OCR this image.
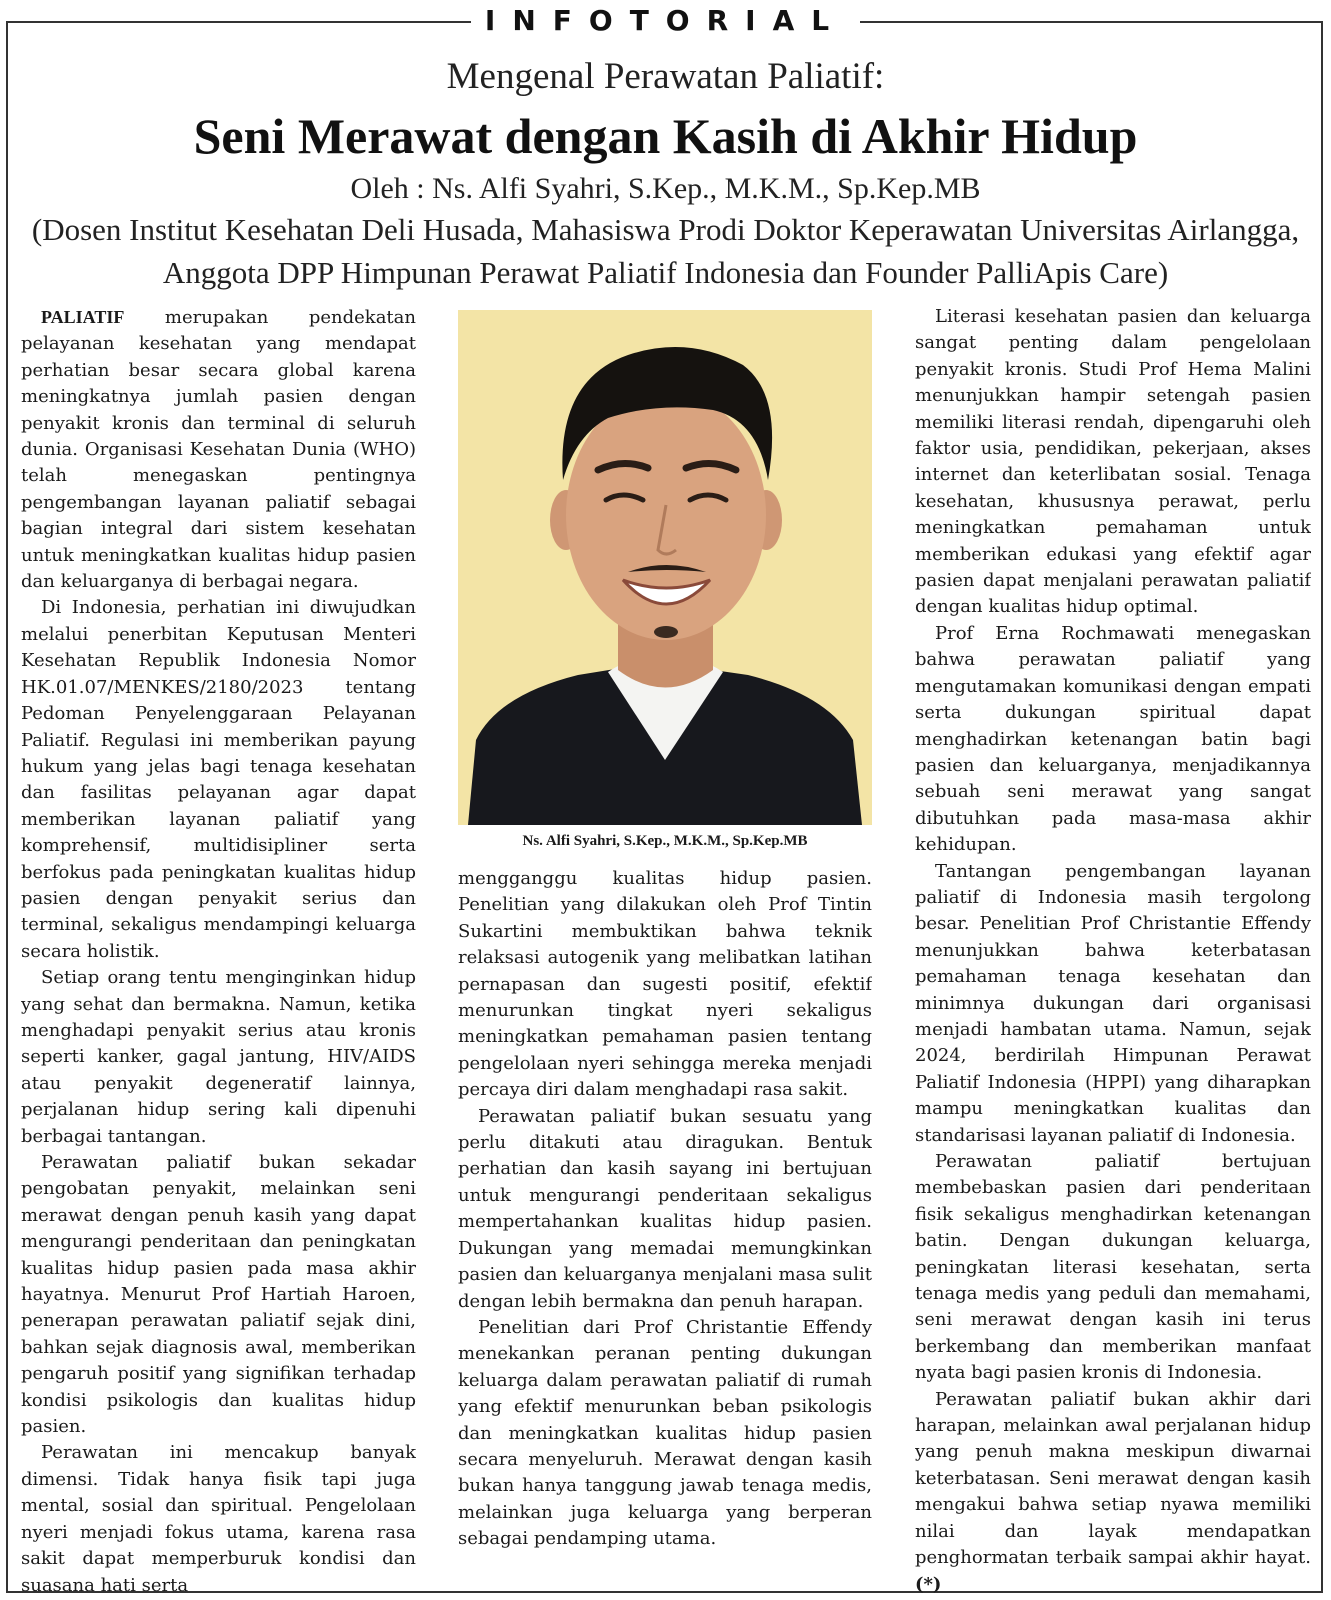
INFOTORIAL
Mengenal Perawatan Paliatif:
Seni Merawat dengan Kasih di Akhir Hidup
Oleh : Ns. Alfi Syahri, S.Kep., M.K.M., Sp.Kep.MB
(Dosen Institut Kesehatan Deli Husada, Mahasiswa Prodi Doktor Keperawatan Universitas Airlangga, Anggota DPP Himpunan Perawat Paliatif Indonesia dan Founder PalliApis Care)

PALIATIF merupakan pendekatan pelayanan kesehatan yang mendapat perhatian besar secara global karena meningkatnya jumlah pasien dengan penyakit kronis dan terminal di seluruh dunia. Organisasi Kesehatan Dunia (WHO) telah menegaskan pentingnya pengembangan layanan paliatif sebagai bagian integral dari sistem kesehatan untuk meningkatkan kualitas hidup pasien dan keluarganya di berbagai negara.

Di Indonesia, perhatian ini diwujudkan melalui penerbitan Keputusan Menteri Kesehatan Republik Indonesia Nomor HK.01.07/MENKES/2180/2023 tentang Pedoman Penyelenggaraan Pelayanan Paliatif. Regulasi ini memberikan payung hukum yang jelas bagi tenaga kesehatan dan fasilitas pelayanan agar dapat memberikan layanan paliatif yang komprehensif, multidisipliner serta berfokus pada peningkatan kualitas hidup pasien dengan penyakit serius dan terminal, sekaligus mendampingi keluarga secara holistik.

Setiap orang tentu menginginkan hidup yang sehat dan bermakna. Namun, ketika menghadapi penyakit serius atau kronis seperti kanker, gagal jantung, HIV/AIDS atau penyakit degeneratif lainnya, perjalanan hidup sering kali dipenuhi berbagai tantangan.

Perawatan paliatif bukan sekadar pengobatan penyakit, melainkan seni merawat dengan penuh kasih yang dapat mengurangi penderitaan dan peningkatan kualitas hidup pasien pada masa akhir hayatnya. Menurut Prof Hartiah Haroen, penerapan perawatan paliatif sejak dini, bahkan sejak diagnosis awal, memberikan pengaruh positif yang signifikan terhadap kondisi psikologis dan kualitas hidup pasien.

Perawatan ini mencakup banyak dimensi. Tidak hanya fisik tapi juga mental, sosial dan spiritual. Pengelolaan nyeri menjadi fokus utama, karena rasa sakit dapat memperburuk kondisi dan suasana hati serta

Ns. Alfi Syahri, S.Kep., M.K.M., Sp.Kep.MB

mengganggu kualitas hidup pasien. Penelitian yang dilakukan oleh Prof Tintin Sukartini membuktikan bahwa teknik relaksasi autogenik yang melibatkan latihan pernapasan dan sugesti positif, efektif menurunkan tingkat nyeri sekaligus meningkatkan pemahaman pasien tentang pengelolaan nyeri sehingga mereka menjadi percaya diri dalam menghadapi rasa sakit.

Perawatan paliatif bukan sesuatu yang perlu ditakuti atau diragukan. Bentuk perhatian dan kasih sayang ini bertujuan untuk mengurangi penderitaan sekaligus mempertahankan kualitas hidup pasien. Dukungan yang memadai memungkinkan pasien dan keluarganya menjalani masa sulit dengan lebih bermakna dan penuh harapan.

Penelitian dari Prof Christantie Effendy menekankan peranan penting dukungan keluarga dalam perawatan paliatif di rumah yang efektif menurunkan beban psikologis dan meningkatkan kualitas hidup pasien secara menyeluruh. Merawat dengan kasih bukan hanya tanggung jawab tenaga medis, melainkan juga keluarga yang berperan sebagai pendamping utama.

Literasi kesehatan pasien dan keluarga sangat penting dalam pengelolaan penyakit kronis. Studi Prof Hema Malini menunjukkan hampir setengah pasien memiliki literasi rendah, dipengaruhi oleh faktor usia, pendidikan, pekerjaan, akses internet dan keterlibatan sosial. Tenaga kesehatan, khususnya perawat, perlu meningkatkan pemahaman untuk memberikan edukasi yang efektif agar pasien dapat menjalani perawatan paliatif dengan kualitas hidup optimal.

Prof Erna Rochmawati menegaskan bahwa perawatan paliatif yang mengutamakan komunikasi dengan empati serta dukungan spiritual dapat menghadirkan ketenangan batin bagi pasien dan keluarganya, menjadikannya sebuah seni merawat yang sangat dibutuhkan pada masa-masa akhir kehidupan.

Tantangan pengembangan layanan paliatif di Indonesia masih tergolong besar. Penelitian Prof Christantie Effendy menunjukkan bahwa keterbatasan pemahaman tenaga kesehatan dan minimnya dukungan dari organisasi menjadi hambatan utama. Namun, sejak 2024, berdirilah Himpunan Perawat Paliatif Indonesia (HPPI) yang diharapkan mampu meningkatkan kualitas dan standarisasi layanan paliatif di Indonesia.

Perawatan paliatif bertujuan membebaskan pasien dari penderitaan fisik sekaligus menghadirkan ketenangan batin. Dengan dukungan keluarga, peningkatan literasi kesehatan, serta tenaga medis yang peduli dan memahami, seni merawat dengan kasih ini terus berkembang dan memberikan manfaat nyata bagi pasien kronis di Indonesia.

Perawatan paliatif bukan akhir dari harapan, melainkan awal perjalanan hidup yang penuh makna meskipun diwarnai keterbatasan. Seni merawat dengan kasih mengakui bahwa setiap nyawa memiliki nilai dan layak mendapatkan penghormatan terbaik sampai akhir hayat. (*)
